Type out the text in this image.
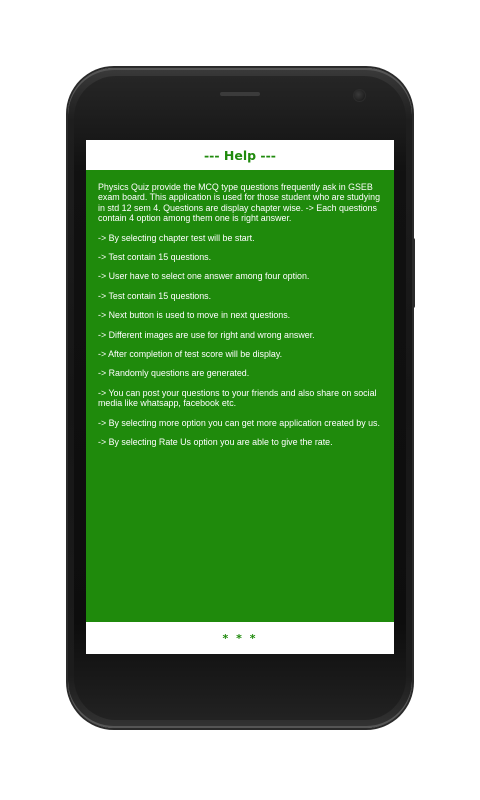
--- Help ---

Physics Quiz provide the MCQ type questions frequently ask in GSEB exam board. This application is used for those student who are studying in std 12 sem 4. Questions are display chapter wise. -> Each questions contain 4 option among them one is right answer.

-> By selecting chapter test will be start.

-> Test contain 15 questions.

-> User have to select one answer among four option.

-> Test contain 15 questions.

-> Next button is used to move in next questions.

-> Different images are use for right and wrong answer.

-> After completion of test score will be display.

-> Randomly questions are generated.

-> You can post your questions to your friends and also share on social media like whatsapp, facebook etc.

-> By selecting more option you can get more application created by us.

-> By selecting Rate Us option you are able to give the rate.

* * *
